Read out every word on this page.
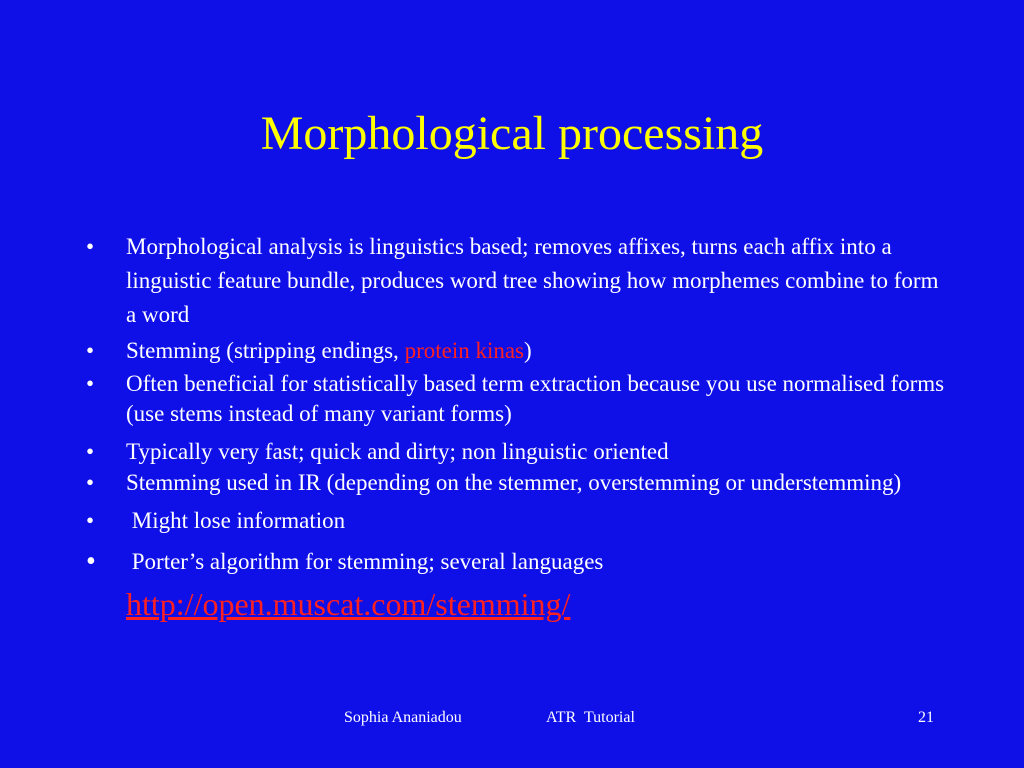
Morphological processing
•	Morphological analysis is linguistics based; removes affixes, turns each affix into a linguistic feature bundle, produces word tree showing how morphemes combine to form a word
•	Stemming (stripping endings, protein kinas)
•	Often beneficial for statistically based term extraction because you use normalised forms (use stems instead of many variant forms)
•	Typically very fast; quick and dirty; non linguistic oriented
•	Stemming used in IR (depending on the stemmer, overstemming or understemming)
•	Might lose information
•	Porter’s algorithm for stemming; several languages
http://open.muscat.com/stemming/
Sophia Ananiadou	ATR  Tutorial	21
